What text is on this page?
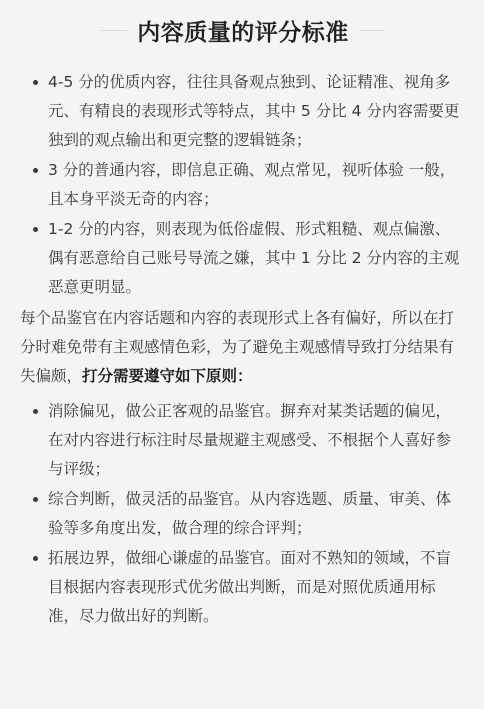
内容质量的评分标准
4-5 分的优质内容，往往具备观点独到、论证精准、视角多元、有精良的表现形式等特点，其中 5 分比 4 分内容需要更独到的观点输出和更完整的逻辑链条；
3 分的普通内容，即信息正确、观点常见，视听体验 一般，且本身平淡无奇的内容；
1-2 分的内容，则表现为低俗虚假、形式粗糙、观点偏激、偶有恶意给自己账号导流之嫌，其中 1 分比 2 分内容的主观恶意更明显。

每个品鉴官在内容话题和内容的表现形式上各有偏好，所以在打分时难免带有主观感情色彩，为了避免主观感情导致打分结果有失偏颇，打分需要遵守如下原则：

消除偏见，做公正客观的品鉴官。摒弃对某类话题的偏见，在对内容进行标注时尽量规避主观感受、不根据个人喜好参与评级；
综合判断，做灵活的品鉴官。从内容选题、质量、审美、体验等多角度出发，做合理的综合评判；
拓展边界，做细心谦虚的品鉴官。面对不熟知的领域，不盲目根据内容表现形式优劣做出判断，而是对照优质通用标准，尽力做出好的判断。
